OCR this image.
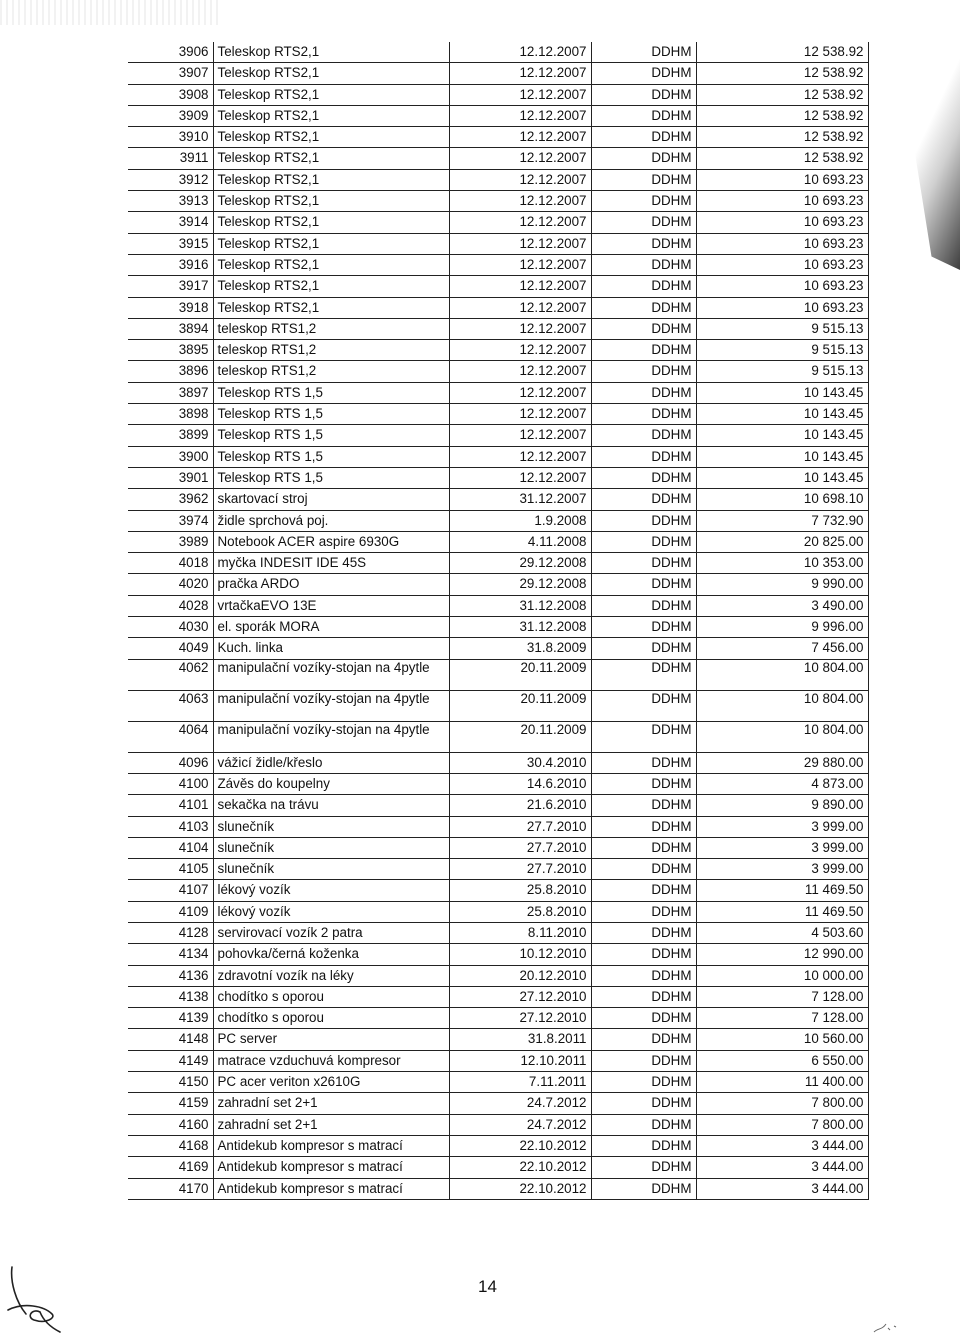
3906	Teleskop RTS2,1	12.12.2007	DDHM	12 538.92
3907	Teleskop RTS2,1	12.12.2007	DDHM	12 538.92
3908	Teleskop RTS2,1	12.12.2007	DDHM	12 538.92
3909	Teleskop RTS2,1	12.12.2007	DDHM	12 538.92
3910	Teleskop RTS2,1	12.12.2007	DDHM	12 538.92
3911	Teleskop RTS2,1	12.12.2007	DDHM	12 538.92
3912	Teleskop RTS2,1	12.12.2007	DDHM	10 693.23
3913	Teleskop RTS2,1	12.12.2007	DDHM	10 693.23
3914	Teleskop RTS2,1	12.12.2007	DDHM	10 693.23
3915	Teleskop RTS2,1	12.12.2007	DDHM	10 693.23
3916	Teleskop RTS2,1	12.12.2007	DDHM	10 693.23
3917	Teleskop RTS2,1	12.12.2007	DDHM	10 693.23
3918	Teleskop RTS2,1	12.12.2007	DDHM	10 693.23
3894	teleskop RTS1,2	12.12.2007	DDHM	9 515.13
3895	teleskop RTS1,2	12.12.2007	DDHM	9 515.13
3896	teleskop RTS1,2	12.12.2007	DDHM	9 515.13
3897	Teleskop RTS 1,5	12.12.2007	DDHM	10 143.45
3898	Teleskop RTS 1,5	12.12.2007	DDHM	10 143.45
3899	Teleskop RTS 1,5	12.12.2007	DDHM	10 143.45
3900	Teleskop RTS 1,5	12.12.2007	DDHM	10 143.45
3901	Teleskop RTS 1,5	12.12.2007	DDHM	10 143.45
3962	skartovací stroj	31.12.2007	DDHM	10 698.10
3974	židle sprchová poj.	1.9.2008	DDHM	7 732.90
3989	Notebook ACER aspire 6930G	4.11.2008	DDHM	20 825.00
4018	myčka INDESIT IDE 45S	29.12.2008	DDHM	10 353.00
4020	pračka ARDO	29.12.2008	DDHM	9 990.00
4028	vrtačkaEVO 13E	31.12.2008	DDHM	3 490.00
4030	el. sporák MORA	31.12.2008	DDHM	9 996.00
4049	Kuch. linka	31.8.2009	DDHM	7 456.00
4062	manipulační vozíky-stojan na 4pytle	20.11.2009	DDHM	10 804.00
4063	manipulační vozíky-stojan na 4pytle	20.11.2009	DDHM	10 804.00
4064	manipulační vozíky-stojan na 4pytle	20.11.2009	DDHM	10 804.00
4096	vážicí židle/křeslo	30.4.2010	DDHM	29 880.00
4100	Závěs do koupelny	14.6.2010	DDHM	4 873.00
4101	sekačka na trávu	21.6.2010	DDHM	9 890.00
4103	slunečník	27.7.2010	DDHM	3 999.00
4104	slunečník	27.7.2010	DDHM	3 999.00
4105	slunečník	27.7.2010	DDHM	3 999.00
4107	lékový vozík	25.8.2010	DDHM	11 469.50
4109	lékový vozík	25.8.2010	DDHM	11 469.50
4128	servirovací vozík 2 patra	8.11.2010	DDHM	4 503.60
4134	pohovka/černá koženka	10.12.2010	DDHM	12 990.00
4136	zdravotní vozík na léky	20.12.2010	DDHM	10 000.00
4138	chodítko s oporou	27.12.2010	DDHM	7 128.00
4139	chodítko s oporou	27.12.2010	DDHM	7 128.00
4148	PC server	31.8.2011	DDHM	10 560.00
4149	matrace vzduchuvá kompresor	12.10.2011	DDHM	6 550.00
4150	PC acer veriton x2610G	7.11.2011	DDHM	11 400.00
4159	zahradní set 2+1	24.7.2012	DDHM	7 800.00
4160	zahradní set 2+1	24.7.2012	DDHM	7 800.00
4168	Antidekub kompresor s matrací	22.10.2012	DDHM	3 444.00
4169	Antidekub kompresor s matrací	22.10.2012	DDHM	3 444.00
4170	Antidekub kompresor s matrací	22.10.2012	DDHM	3 444.00
14
